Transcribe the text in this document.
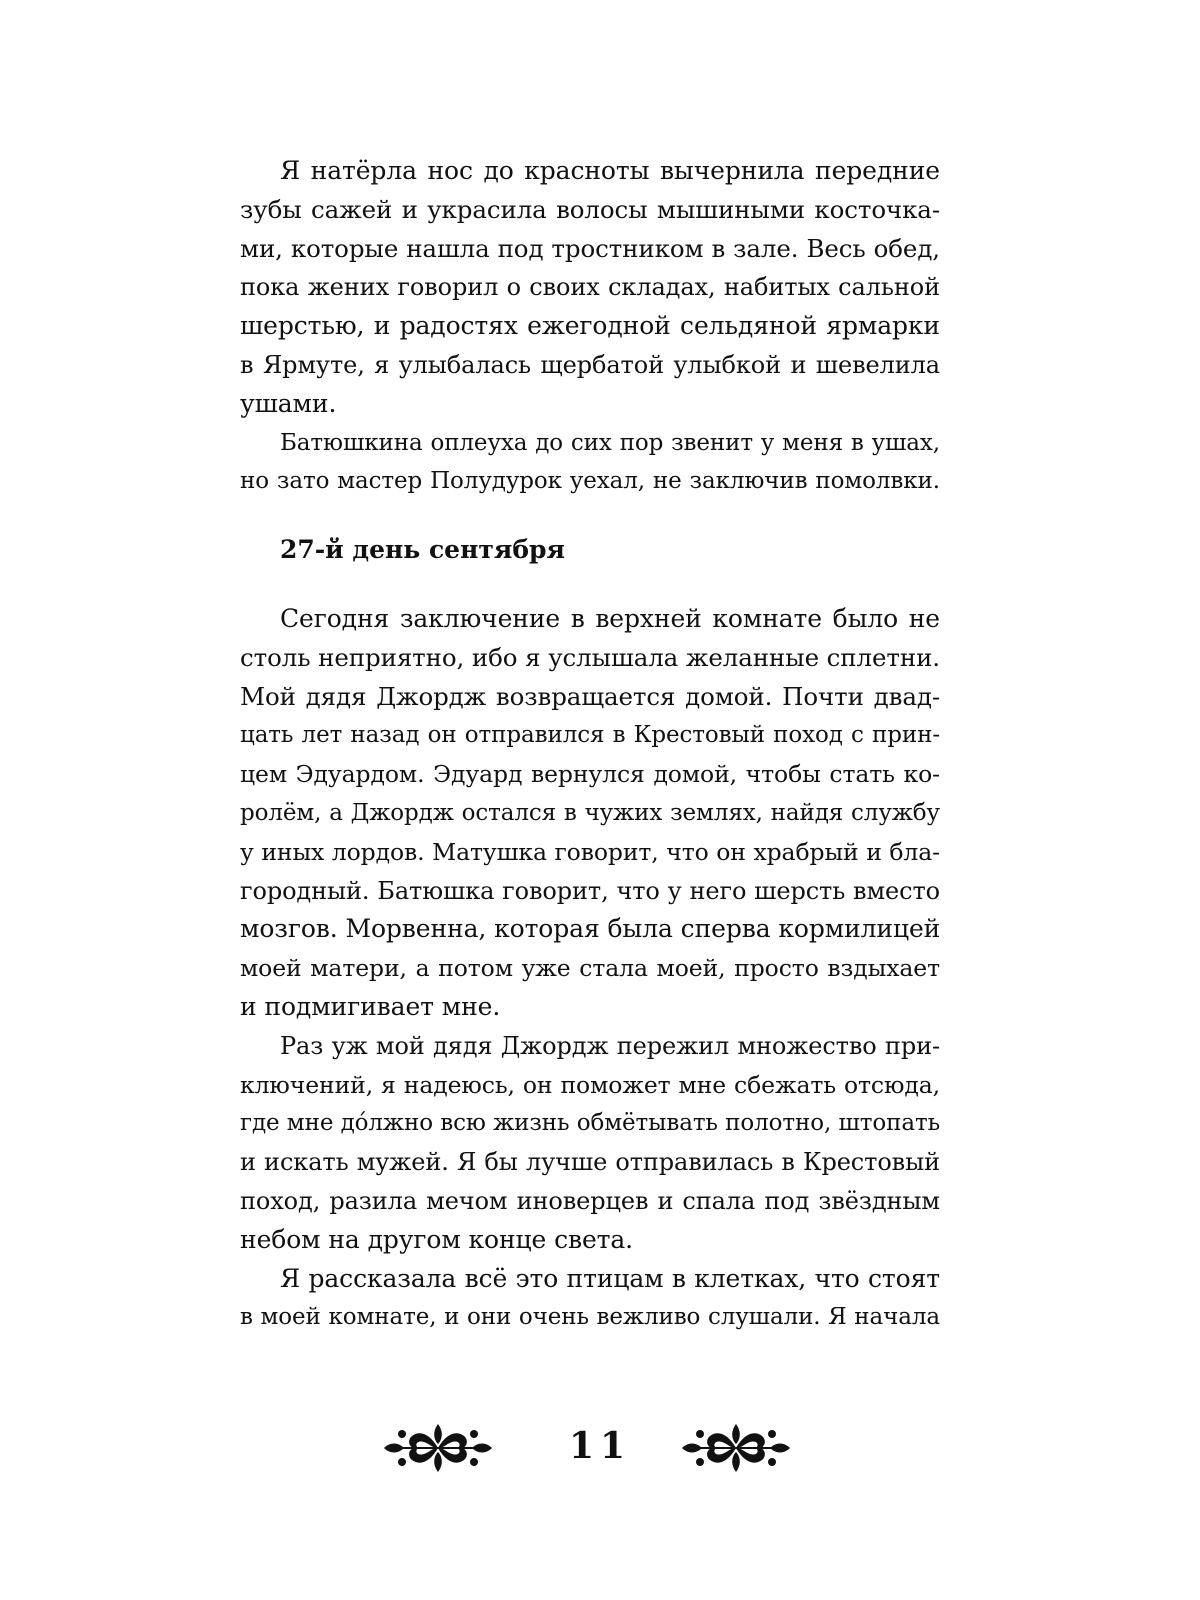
Я натёрла нос до красноты вычернила передние
зубы сажей и украсила волосы мышиными косточка-
ми, которые нашла под тростником в зале. Весь обед,
пока жених говорил о своих складах, набитых сальной
шерстью, и радостях ежегодной сельдяной ярмарки
в Ярмуте, я улыбалась щербатой улыбкой и шевелила
ушами.
Батюшкина оплеуха до сих пор звенит у меня в ушах,
но зато мастер Полудурок уехал, не заключив помолвки.
27-й день сентября
Сегодня заключение в верхней комнате было не
столь неприятно, ибо я услышала желанные сплетни.
Мой дядя Джордж возвращается домой. Почти двад-
цать лет назад он отправился в Крестовый поход с прин-
цем Эдуардом. Эдуард вернулся домой, чтобы стать ко-
ролём, а Джордж остался в чужих землях, найдя службу
у иных лордов. Матушка говорит, что он храбрый и бла-
городный. Батюшка говорит, что у него шерсть вместо
мозгов. Морвенна, которая была сперва кормилицей
моей матери, а потом уже стала моей, просто вздыхает
и подмигивает мне.
Раз уж мой дядя Джордж пережил множество при-
ключений, я надеюсь, он поможет мне сбежать отсюда,
где мне до́лжно всю жизнь обмётывать полотно, штопать
и искать мужей. Я бы лучше отправилась в Крестовый
поход, разила мечом иноверцев и спала под звёздным
небом на другом конце света.
Я рассказала всё это птицам в клетках, что стоят
в моей комнате, и они очень вежливо слушали. Я начала
11
